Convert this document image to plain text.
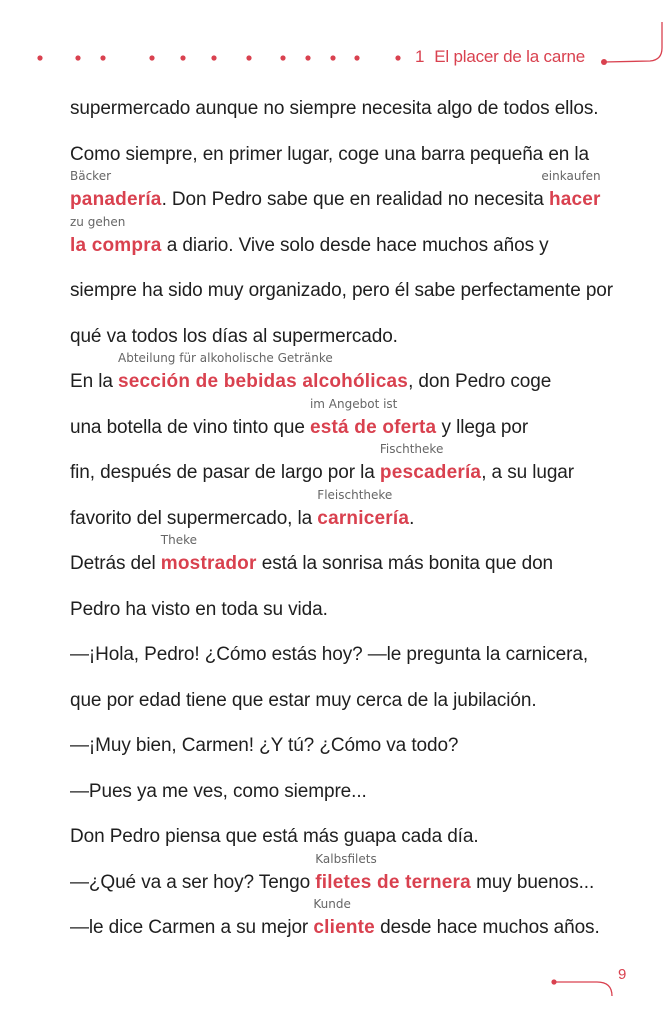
1 El placer de la carne
supermercado aunque no siempre necesita algo de todos ellos.
Como siempre, en primer lugar, coge una barra pequeña en la
panadería
Bäcker
. Don Pedro sabe que en realidad no necesita hacer
einkaufen
la compra
zu gehen
a diario. Vive solo desde hace muchos años y
siempre ha sido muy organizado, pero él sabe perfectamente por
qué va todos los días al supermercado.
En la sección de bebidas alcohólicas
Abteilung für alkoholische Getränke
, don Pedro coge
una botella de vino tinto que está de oferta
im Angebot ist
y llega por
fin, después de pasar de largo por la pescadería
Fischtheke
, a su lugar
favorito del supermercado, la carnicería
Fleischtheke
.
Detrás del mostrador
Theke
está la sonrisa más bonita que don
Pedro ha visto en toda su vida.
—¡Hola, Pedro! ¿Cómo estás hoy? —le pregunta la carnicera,
que por edad tiene que estar muy cerca de la jubilación.
—¡Muy bien, Carmen! ¿Y tú? ¿Cómo va todo?
—Pues ya me ves, como siempre...
Don Pedro piensa que está más guapa cada día.
—¿Qué va a ser hoy? Tengo filetes de ternera
Kalbsfilets
muy buenos...
—le dice Carmen a su mejor cliente
Kunde
desde hace muchos años.
9
